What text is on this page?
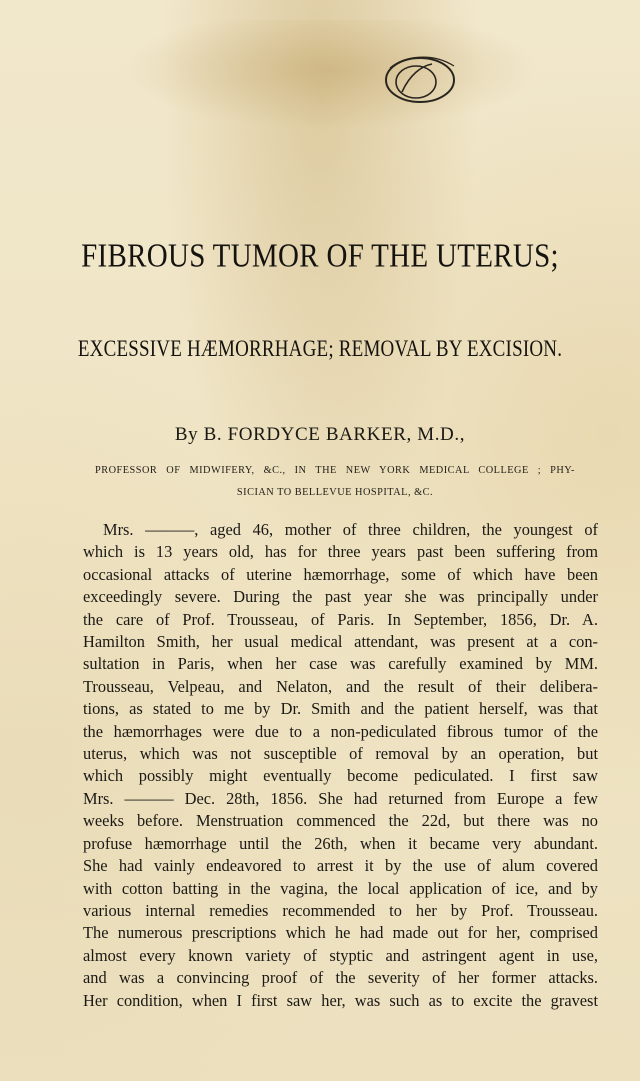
FIBROUS TUMOR OF THE UTERUS;
EXCESSIVE HÆMORRHAGE; REMOVAL BY EXCISION.
By B. FORDYCE BARKER, M.D.,
PROFESSOR OF MIDWIFERY, &C., IN THE NEW YORK MEDICAL COLLEGE ; PHY-
SICIAN TO BELLEVUE HOSPITAL, &C.
Mrs. ———, aged 46, mother of three children, the youngest of
which is 13 years old, has for three years past been suffering from
occasional attacks of uterine hæmorrhage, some of which have been
exceedingly severe. During the past year she was principally under
the care of Prof. Trousseau, of Paris. In September, 1856, Dr. A.
Hamilton Smith, her usual medical attendant, was present at a con-
sultation in Paris, when her case was carefully examined by MM.
Trousseau, Velpeau, and Nelaton, and the result of their delibera-
tions, as stated to me by Dr. Smith and the patient herself, was that
the hæmorrhages were due to a non-pediculated fibrous tumor of the
uterus, which was not susceptible of removal by an operation, but
which possibly might eventually become pediculated. I first saw
Mrs. ——— Dec. 28th, 1856. She had returned from Europe a few
weeks before. Menstruation commenced the 22d, but there was no
profuse hæmorrhage until the 26th, when it became very abundant.
She had vainly endeavored to arrest it by the use of alum covered
with cotton batting in the vagina, the local application of ice, and by
various internal remedies recommended to her by Prof. Trousseau.
The numerous prescriptions which he had made out for her, comprised
almost every known variety of styptic and astringent agent in use,
and was a convincing proof of the severity of her former attacks.
Her condition, when I first saw her, was such as to excite the gravest
